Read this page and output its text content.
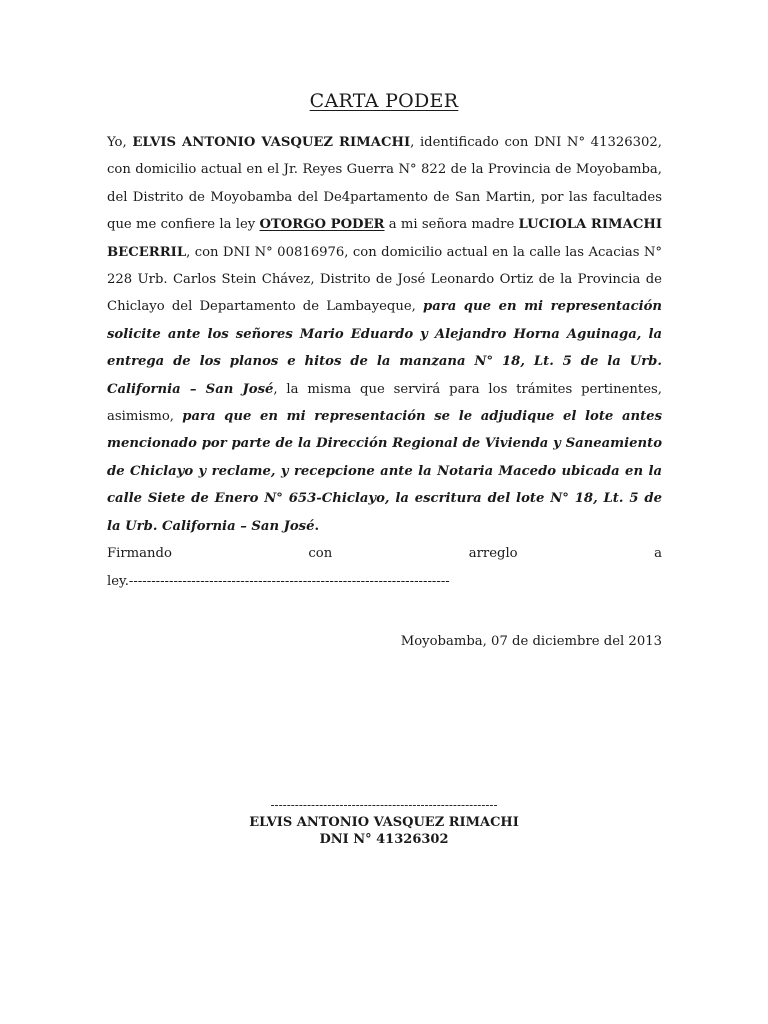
CARTA PODER

Yo, ELVIS ANTONIO VASQUEZ RIMACHI, identificado con DNI N° 41326302, con domicilio actual en el Jr. Reyes Guerra N° 822 de la Provincia de Moyobamba, del Distrito de Moyobamba del De4partamento de San Martin, por las facultades que me confiere la ley OTORGO PODER a mi señora madre LUCIOLA RIMACHI BECERRIL, con DNI N° 00816976, con domicilio actual en la calle las Acacias N° 228 Urb. Carlos Stein Chávez, Distrito de José Leonardo Ortiz de la Provincia de Chiclayo del Departamento de Lambayeque, para que en mi representación solicite ante los señores Mario Eduardo y Alejandro Horna Aguinaga, la entrega de los planos e hitos de la manzana N° 18, Lt. 5 de la Urb. California – San José, la misma que servirá para los trámites pertinentes, asimismo, para que en mi representación se le adjudique el lote antes mencionado por parte de la Dirección Regional de Vivienda y Saneamiento de Chiclayo y reclame, y recepcione ante la Notaria Macedo ubicada en la calle Siete de Enero N° 653-Chiclayo, la escritura del lote N° 18, Lt. 5 de la Urb. California – San José.

Firmando	con	arreglo	a
ley.------------------------------------------------------------------------
Moyobamba, 07 de diciembre del 2013
--------------------------------------------------------
ELVIS ANTONIO VASQUEZ RIMACHI
DNI N° 41326302
